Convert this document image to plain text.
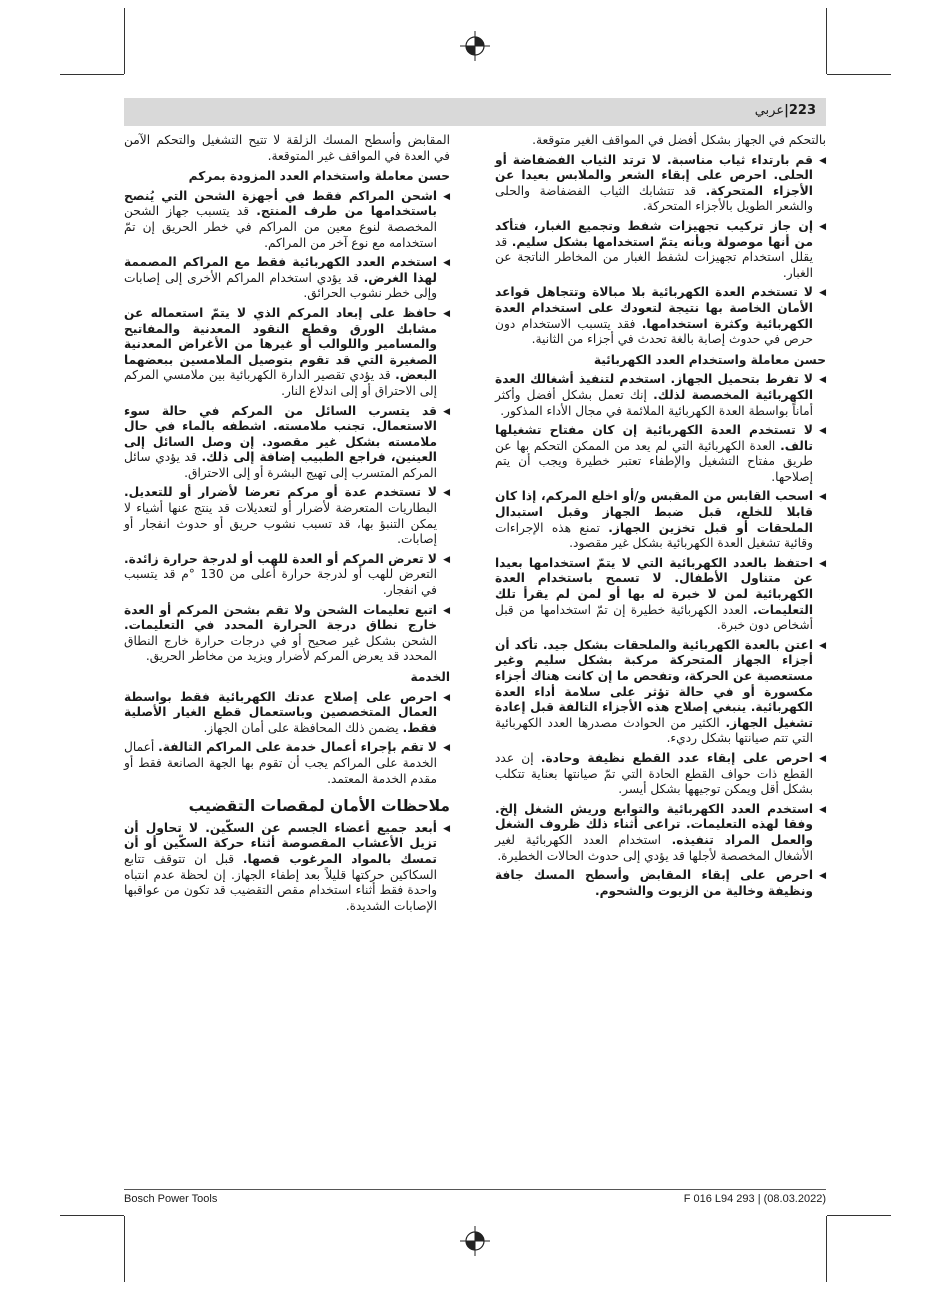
223|عربي
بالتحكم في الجهاز بشكل أفضل في المواقف الغير متوقعة.
◀
قم بارتداء ثياب مناسبة. لا ترتد الثياب الفضفاضة أو الحلى. احرص على إبقاء الشعر والملابس بعيدا عن الأجزاء المتحركة. قد تتشابك الثياب الفضفاضة والحلى والشعر الطويل بالأجزاء المتحركة.
◀
إن جاز تركيب تجهيزات شفط وتجميع الغبار، فتأكد من أنها موصولة وبأنه يتمّ استخدامها بشكل سليم. قد يقلل استخدام تجهيزات لشفط الغبار من المخاطر الناتجة عن الغبار.
◀
لا تستخدم العدة الكهربائية بلا مبالاة وتتجاهل قواعد الأمان الخاصة بها نتيجة لتعودك على استخدام العدة الكهربائية وكثرة استخدامها. فقد يتسبب الاستخدام دون حرص في حدوث إصابة بالغة تحدث في أجزاء من الثانية.
حسن معاملة واستخدام العدد الكهربائية
◀
لا تفرط بتحميل الجهاز. استخدم لتنفيذ أشغالك العدة الكهربائية المخصصة لذلك. إنك تعمل بشكل أفضل وأكثر أماناً بواسطة العدة الكهربائية الملائمة في مجال الأداء المذكور.
◀
لا تستخدم العدة الكهربائية إن كان مفتاح تشغيلها تالف. العدة الكهربائية التي لم يعد من الممكن التحكم بها عن طريق مفتاح التشغيل والإطفاء تعتبر خطيرة ويجب أن يتم إصلاحها.
◀
اسحب القابس من المقبس و/أو اخلع المركم، إذا كان قابلا للخلع، قبل ضبط الجهاز وقبل استبدال الملحقات أو قبل تخزين الجهاز. تمنع هذه الإجراءات وقائية تشغيل العدة الكهربائية بشكل غير مقصود.
◀
احتفظ بالعدد الكهربائية التي لا يتمّ استخدامها بعيدا عن متناول الأطفال. لا تسمح باستخدام العدة الكهربائية لمن لا خبرة له بها أو لمن لم يقرأ تلك التعليمات. العدد الكهربائية خطيرة إن تمّ استخدامها من قبل أشخاص دون خبرة.
◀
اعتن بالعدة الكهربائية والملحقات بشكل جيد. تأكد أن أجزاء الجهاز المتحركة مركبة بشكل سليم وغير مستعصية عن الحركة، وتفحص ما إن كانت هناك أجزاء مكسورة أو في حالة تؤثر على سلامة أداء العدة الكهربائية. ينبغي إصلاح هذه الأجزاء التالفة قبل إعادة تشغيل الجهاز. الكثير من الحوادث مصدرها العدد الكهربائية التي تتم صيانتها بشكل رديء.
◀
احرص على إبقاء عدد القطع نظيفة وحادة. إن عدد القطع ذات حواف القطع الحادة التي تمّ صيانتها بعناية تتكلب بشكل أقل ويمكن توجيهها بشكل أيسر.
◀
استخدم العدد الكهربائية والتوابع وريش الشغل إلخ. وفقا لهذه التعليمات. تراعى أثناء ذلك ظروف الشغل والعمل المراد تنفيذه. استخدام العدد الكهربائية لغير الأشغال المخصصة لأجلها قد يؤدي إلى حدوث الحالات الخطيرة.
◀
احرص على إبقاء المقابض وأسطح المسك جافة ونظيفة وخالية من الزيوت والشحوم.
المقابض وأسطح المسك الزلقة لا تتيح التشغيل والتحكم الآمن في العدة في المواقف غير المتوقعة.
حسن معاملة واستخدام العدد المزودة بمركم
◀
اشحن المراكم فقط في أجهزة الشحن التي يُنصح باستخدامها من طرف المنتج. قد يتسبب جهاز الشحن المخصصة لنوع معين من المراكم في خطر الحريق إن تمّ استخدامه مع نوع آخر من المراكم.
◀
استخدم العدد الكهربائية فقط مع المراكم المصممة لهذا الغرض. قد يؤدي استخدام المراكم الأخرى إلى إصابات وإلى خطر نشوب الحرائق.
◀
حافظ على إبعاد المركم الذي لا يتمّ استعماله عن مشابك الورق وقطع النقود المعدنية والمفاتيح والمسامير واللوالب أو غيرها من الأغراض المعدنية الصغيرة التي قد تقوم بتوصيل الملامسين ببعضهما البعض. قد يؤدي تقصير الدارة الكهربائية بين ملامسي المركم إلى الاحتراق أو إلى اندلاع النار.
◀
قد يتسرب السائل من المركم في حالة سوء الاستعمال. تجنب ملامسته. اشطفه بالماء في حال ملامسته بشكل غير مقصود. إن وصل السائل إلى العينين، فراجع الطبيب إضافة إلى ذلك. قد يؤدي سائل المركم المتسرب إلى تهيج البشرة أو إلى الاحتراق.
◀
لا تستخدم عدة أو مركم تعرضا لأضرار أو للتعديل. البطاريات المتعرضة لأضرار أو لتعديلات قد ينتج عنها أشياء لا يمكن التنبؤ بها، قد تسبب نشوب حريق أو حدوث انفجار أو إصابات.
◀
لا تعرض المركم أو العدة للهب أو لدرجة حرارة زائدة. التعرض للهب أو لدرجة حرارة أعلى من 130 °م قد يتسبب في انفجار.
◀
اتبع تعليمات الشحن ولا تقم بشحن المركم أو العدة خارج نطاق درجة الحرارة المحدد في التعليمات. الشحن بشكل غير صحيح أو في درجات حرارة خارج النطاق المحدد قد يعرض المركم لأضرار ويزيد من مخاطر الحريق.
الخدمة
◀
احرص على إصلاح عدتك الكهربائية فقط بواسطة العمال المتخصصين وباستعمال قطع الغيار الأصلية فقط. يضمن ذلك المحافظة على أمان الجهاز.
◀
لا تقم بإجراء أعمال خدمة على المراكم التالفة. أعمال الخدمة على المراكم يجب أن تقوم بها الجهة الصانعة فقط أو مقدم الخدمة المعتمد.
ملاحظات الأمان لمقصات التقضيب
◀
أبعد جميع أعضاء الجسم عن السكّين. لا تحاول أن تزيل الأعشاب المقصوصة أثناء حركة السكّين أو أن تمسك بالمواد المرغوب قصها. قبل ان تتوقف تتابع السكاكين حركتها قليلاً بعد إطفاء الجهاز. إن لحظة عدم انتباه واحدة فقط أثناء استخدام مقص التقضيب قد تكون من عواقبها الإصابات الشديدة.
Bosch Power Tools	F 016 L94 293 | (08.03.2022)
